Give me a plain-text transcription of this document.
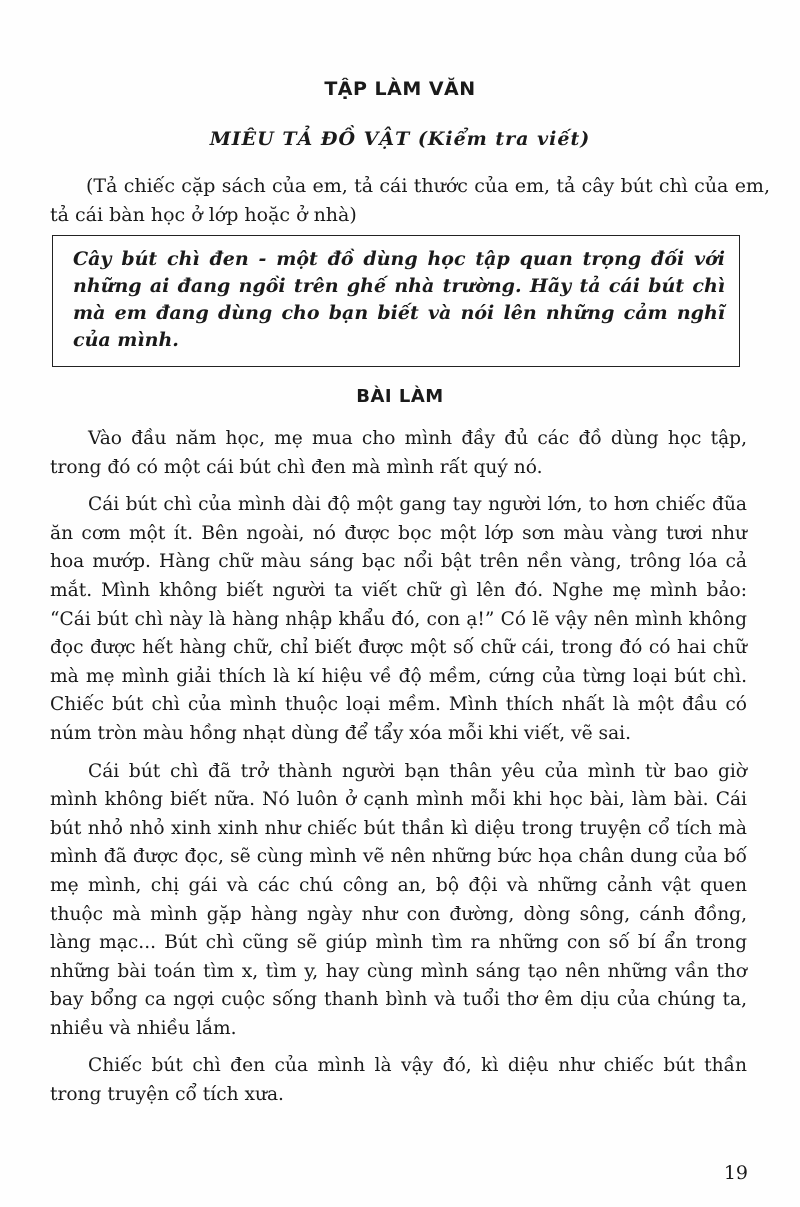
TẬP LÀM VĂN
MIÊU TẢ ĐỒ VẬT (Kiểm tra viết)
(Tả chiếc cặp sách của em, tả cái thước của em, tả cây bút chì của em, tả cái bàn học ở lớp hoặc ở nhà)
Cây bút chì đen - một đồ dùng học tập quan trọng đối với những ai đang ngồi trên ghế nhà trường. Hãy tả cái bút chì mà em đang dùng cho bạn biết và nói lên những cảm nghĩ của mình.
BÀI LÀM

Vào đầu năm học, mẹ mua cho mình đầy đủ các đồ dùng học tập, trong đó có một cái bút chì đen mà mình rất quý nó.

Cái bút chì của mình dài độ một gang tay người lớn, to hơn chiếc đũa ăn cơm một ít. Bên ngoài, nó được bọc một lớp sơn màu vàng tươi như hoa mướp. Hàng chữ màu sáng bạc nổi bật trên nền vàng, trông lóa cả mắt. Mình không biết người ta viết chữ gì lên đó. Nghe mẹ mình bảo: “Cái bút chì này là hàng nhập khẩu đó, con ạ!” Có lẽ vậy nên mình không đọc được hết hàng chữ, chỉ biết được một số chữ cái, trong đó có hai chữ mà mẹ mình giải thích là kí hiệu về độ mềm, cứng của từng loại bút chì. Chiếc bút chì của mình thuộc loại mềm. Mình thích nhất là một đầu có núm tròn màu hồng nhạt dùng để tẩy xóa mỗi khi viết, vẽ sai.

Cái bút chì đã trở thành người bạn thân yêu của mình từ bao giờ mình không biết nữa. Nó luôn ở cạnh mình mỗi khi học bài, làm bài. Cái bút nhỏ nhỏ xinh xinh như chiếc bút thần kì diệu trong truyện cổ tích mà mình đã được đọc, sẽ cùng mình vẽ nên những bức họa chân dung của bố mẹ mình, chị gái và các chú công an, bộ đội và những cảnh vật quen thuộc mà mình gặp hàng ngày như con đường, dòng sông, cánh đồng, làng mạc... Bút chì cũng sẽ giúp mình tìm ra những con số bí ẩn trong những bài toán tìm x, tìm y, hay cùng mình sáng tạo nên những vần thơ bay bổng ca ngợi cuộc sống thanh bình và tuổi thơ êm dịu của chúng ta, nhiều và nhiều lắm.

Chiếc bút chì đen của mình là vậy đó, kì diệu như chiếc bút thần trong truyện cổ tích xưa.

19
